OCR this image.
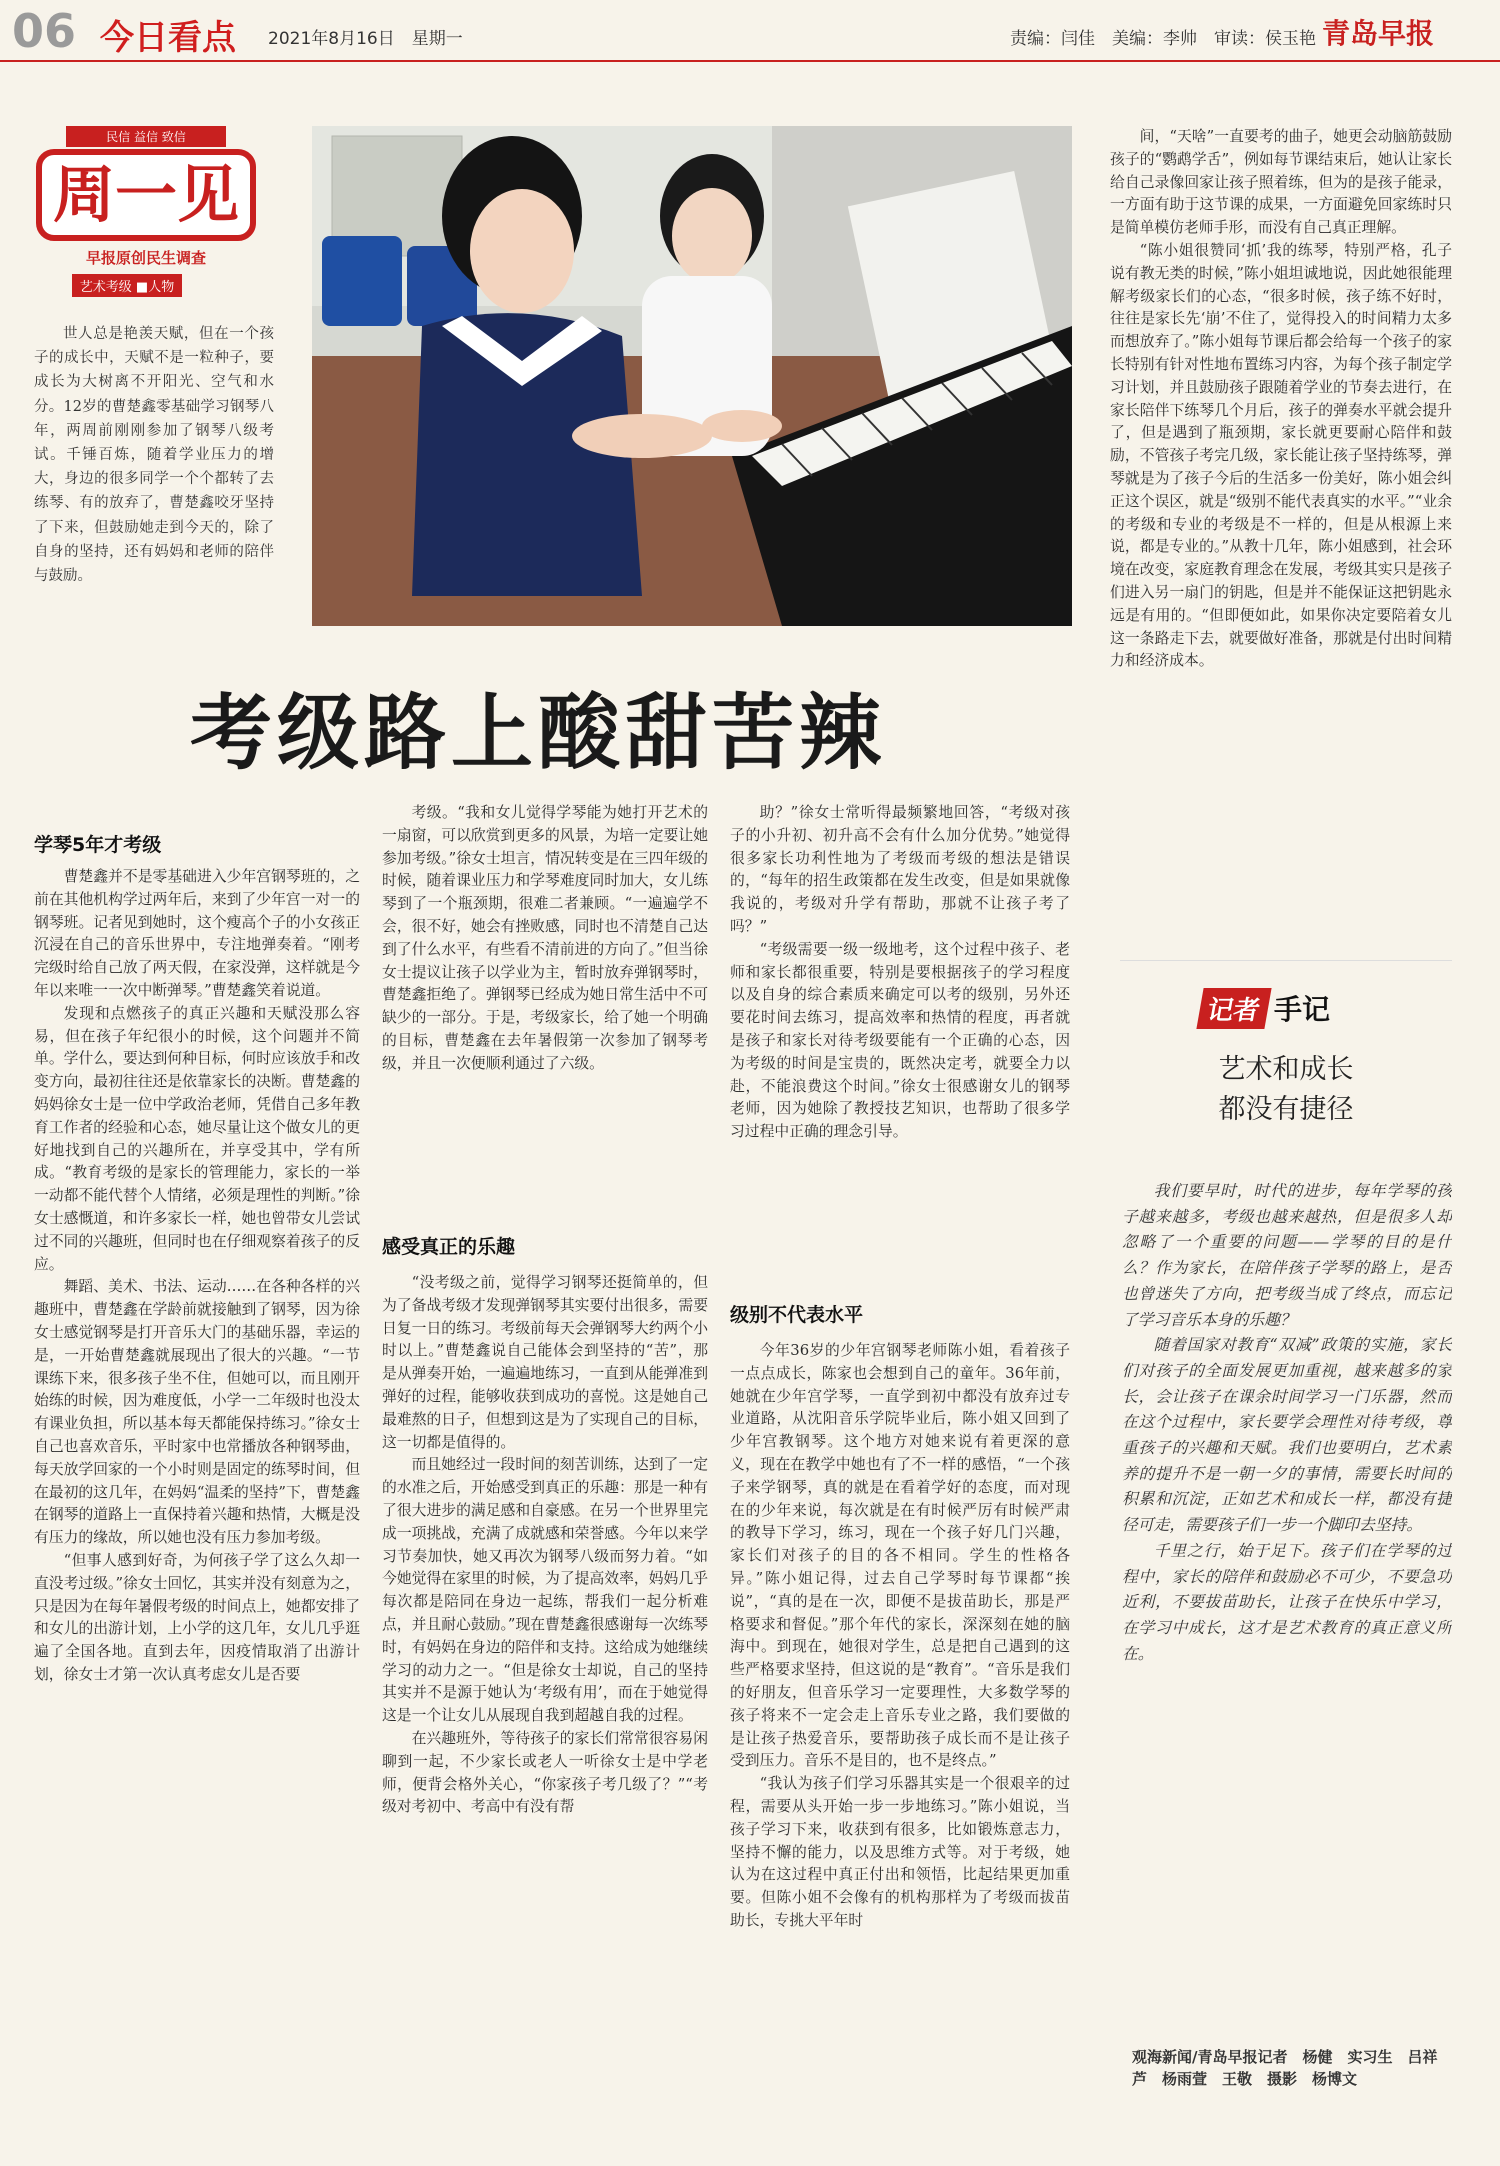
06 今日看点 2021年8月16日　星期一	责编：闫佳　美编：李帅　审读：侯玉艳 青岛早报
民信 益信 致信
周一见
早报原创民生调查
艺术考级 ■人物
世人总是艳羡天赋，但在一个孩子的成长中，天赋不是一粒种子，要成长为大树离不开阳光、空气和水分。12岁的曹楚鑫零基础学习钢琴八年，两周前刚刚参加了钢琴八级考试。千锤百炼，随着学业压力的增大，身边的很多同学一个个都转了去练琴、有的放弃了，曹楚鑫咬牙坚持了下来，但鼓励她走到今天的，除了自身的坚持，还有妈妈和老师的陪伴与鼓励。
考级路上酸甜苦辣
学琴5年才考级

曹楚鑫并不是零基础进入少年宫钢琴班的，之前在其他机构学过两年后，来到了少年宫一对一的钢琴班。记者见到她时，这个瘦高个子的小女孩正沉浸在自己的音乐世界中，专注地弹奏着。“刚考完级时给自己放了两天假，在家没弹，这样就是今年以来唯一一次中断弹琴。”曹楚鑫笑着说道。

发现和点燃孩子的真正兴趣和天赋没那么容易，但在孩子年纪很小的时候，这个问题并不简单。学什么，要达到何种目标，何时应该放手和改变方向，最初往往还是依靠家长的决断。曹楚鑫的妈妈徐女士是一位中学政治老师，凭借自己多年教育工作者的经验和心态，她尽量让这个做女儿的更好地找到自己的兴趣所在，并享受其中，学有所成。“教育考级的是家长的管理能力，家长的一举一动都不能代替个人情绪，必须是理性的判断。”徐女士感慨道，和许多家长一样，她也曾带女儿尝试过不同的兴趣班，但同时也在仔细观察着孩子的反应。

舞蹈、美术、书法、运动……在各种各样的兴趣班中，曹楚鑫在学龄前就接触到了钢琴，因为徐女士感觉钢琴是打开音乐大门的基础乐器，幸运的是，一开始曹楚鑫就展现出了很大的兴趣。“一节课练下来，很多孩子坐不住，但她可以，而且刚开始练的时候，因为难度低，小学一二年级时也没太有课业负担，所以基本每天都能保持练习。”徐女士自己也喜欢音乐，平时家中也常播放各种钢琴曲，每天放学回家的一个小时则是固定的练琴时间，但在最初的这几年，在妈妈“温柔的坚持”下，曹楚鑫在钢琴的道路上一直保持着兴趣和热情，大概是没有压力的缘故，所以她也没有压力参加考级。

“但事人感到好奇，为何孩子学了这么久却一直没考过级。”徐女士回忆，其实并没有刻意为之，只是因为在每年暑假考级的时间点上，她都安排了和女儿的出游计划，上小学的这几年，女儿几乎逛遍了全国各地。直到去年，因疫情取消了出游计划，徐女士才第一次认真考虑女儿是否要

考级。“我和女儿觉得学琴能为她打开艺术的一扇窗，可以欣赏到更多的风景，为培一定要让她参加考级。”徐女士坦言，情况转变是在三四年级的时候，随着课业压力和学琴难度同时加大，女儿练琴到了一个瓶颈期，很难二者兼顾。“一遍遍学不会，很不好，她会有挫败感，同时也不清楚自己达到了什么水平，有些看不清前进的方向了。”但当徐女士提议让孩子以学业为主，暂时放弃弹钢琴时，曹楚鑫拒绝了。弹钢琴已经成为她日常生活中不可缺少的一部分。于是，考级家长，给了她一个明确的目标，曹楚鑫在去年暑假第一次参加了钢琴考级，并且一次便顺利通过了六级。

感受真正的乐趣

“没考级之前，觉得学习钢琴还挺简单的，但为了备战考级才发现弹钢琴其实要付出很多，需要日复一日的练习。考级前每天会弹钢琴大约两个小时以上。”曹楚鑫说自己能体会到坚持的“苦”，那是从弹奏开始，一遍遍地练习，一直到从能弹准到弹好的过程，能够收获到成功的喜悦。这是她自己最难熬的日子，但想到这是为了实现自己的目标，这一切都是值得的。

而且她经过一段时间的刻苦训练，达到了一定的水准之后，开始感受到真正的乐趣：那是一种有了很大进步的满足感和自豪感。在另一个世界里完成一项挑战，充满了成就感和荣誉感。今年以来学习节奏加快，她又再次为钢琴八级而努力着。“如今她觉得在家里的时候，为了提高效率，妈妈几乎每次都是陪同在身边一起练，帮我们一起分析难点，并且耐心鼓励。”现在曹楚鑫很感谢每一次练琴时，有妈妈在身边的陪伴和支持。这给成为她继续学习的动力之一。“但是徐女士却说，自己的坚持其实并不是源于她认为‘考级有用’，而在于她觉得这是一个让女儿从展现自我到超越自我的过程。

在兴趣班外，等待孩子的家长们常常很容易闲聊到一起，不少家长或老人一听徐女士是中学老师，便背会格外关心，“你家孩子考几级了？”“考级对考初中、考高中有没有帮

助？”徐女士常听得最频繁地回答，“考级对孩子的小升初、初升高不会有什么加分优势。”她觉得很多家长功利性地为了考级而考级的想法是错误的，“每年的招生政策都在发生改变，但是如果就像我说的，考级对升学有帮助，那就不让孩子考了吗？”

“考级需要一级一级地考，这个过程中孩子、老师和家长都很重要，特别是要根据孩子的学习程度以及自身的综合素质来确定可以考的级别，另外还要花时间去练习，提高效率和热情的程度，再者就是孩子和家长对待考级要能有一个正确的心态，因为考级的时间是宝贵的，既然决定考，就要全力以赴，不能浪费这个时间。”徐女士很感谢女儿的钢琴老师，因为她除了教授技艺知识，也帮助了很多学习过程中正确的理念引导。

级别不代表水平

今年36岁的少年宫钢琴老师陈小姐，看着孩子一点点成长，陈家也会想到自己的童年。36年前，她就在少年宫学琴，一直学到初中都没有放弃过专业道路，从沈阳音乐学院毕业后，陈小姐又回到了少年宫教钢琴。这个地方对她来说有着更深的意义，现在在教学中她也有了不一样的感悟，“一个孩子来学钢琴，真的就是在看着学好的态度，而对现在的少年来说，每次就是在有时候严厉有时候严肃的教导下学习，练习，现在一个孩子好几门兴趣，家长们对孩子的目的各不相同。学生的性格各异。”陈小姐记得，过去自己学琴时每节课都“挨说”，“真的是在一次，即便不是拔苗助长，那是严格要求和督促。”那个年代的家长，深深刻在她的脑海中。到现在，她很对学生，总是把自己遇到的这些严格要求坚持，但这说的是“教育”。“音乐是我们的好朋友，但音乐学习一定要理性，大多数学琴的孩子将来不一定会走上音乐专业之路，我们要做的是让孩子热爱音乐，要帮助孩子成长而不是让孩子受到压力。音乐不是目的，也不是终点。”

“我认为孩子们学习乐器其实是一个很艰辛的过程，需要从头开始一步一步地练习。”陈小姐说，当孩子学习下来，收获到有很多，比如锻炼意志力，坚持不懈的能力，以及思维方式等。对于考级，她认为在这过程中真正付出和领悟，比起结果更加重要。但陈小姐不会像有的机构那样为了考级而拔苗助长，专挑大平年时

间，“天啥”一直要考的曲子，她更会动脑筋鼓励孩子的“鹦鹉学舌”，例如每节课结束后，她认让家长给自己录像回家让孩子照着练，但为的是孩子能录，一方面有助于这节课的成果，一方面避免回家练时只是简单模仿老师手形，而没有自己真正理解。

“陈小姐很赞同‘抓’我的练琴，特别严格，孔子说有教无类的时候，”陈小姐坦诚地说，因此她很能理解考级家长们的心态，“很多时候，孩子练不好时，往往是家长先‘崩’不住了，觉得投入的时间精力太多而想放弃了。”陈小姐每节课后都会给每一个孩子的家长特别有针对性地布置练习内容，为每个孩子制定学习计划，并且鼓励孩子跟随着学业的节奏去进行，在家长陪伴下练琴几个月后，孩子的弹奏水平就会提升了，但是遇到了瓶颈期，家长就更要耐心陪伴和鼓励，不管孩子考完几级，家长能让孩子坚持练琴，弹琴就是为了孩子今后的生活多一份美好，陈小姐会纠正这个误区，就是“级别不能代表真实的水平。”“业余的考级和专业的考级是不一样的，但是从根源上来说，都是专业的。”从教十几年，陈小姐感到，社会环境在改变，家庭教育理念在发展，考级其实只是孩子们进入另一扇门的钥匙，但是并不能保证这把钥匙永远是有用的。“但即便如此，如果你决定要陪着女儿这一条路走下去，就要做好准备，那就是付出时间精力和经济成本。

记者 手记
艺术和成长
都没有捷径

我们要早时，时代的进步，每年学琴的孩子越来越多，考级也越来越热，但是很多人却忽略了一个重要的问题——学琴的目的是什么？作为家长，在陪伴孩子学琴的路上，是否也曾迷失了方向，把考级当成了终点，而忘记了学习音乐本身的乐趣？

随着国家对教育“双减”政策的实施，家长们对孩子的全面发展更加重视，越来越多的家长，会让孩子在课余时间学习一门乐器，然而在这个过程中，家长要学会理性对待考级，尊重孩子的兴趣和天赋。我们也要明白，艺术素养的提升不是一朝一夕的事情，需要长时间的积累和沉淀，正如艺术和成长一样，都没有捷径可走，需要孩子们一步一个脚印去坚持。

千里之行，始于足下。孩子们在学琴的过程中，家长的陪伴和鼓励必不可少，不要急功近利，不要拔苗助长，让孩子在快乐中学习，在学习中成长，这才是艺术教育的真正意义所在。

观海新闻/青岛早报记者　杨健　实习生　吕祥芦　杨雨萱　王敬　摄影　杨博文
